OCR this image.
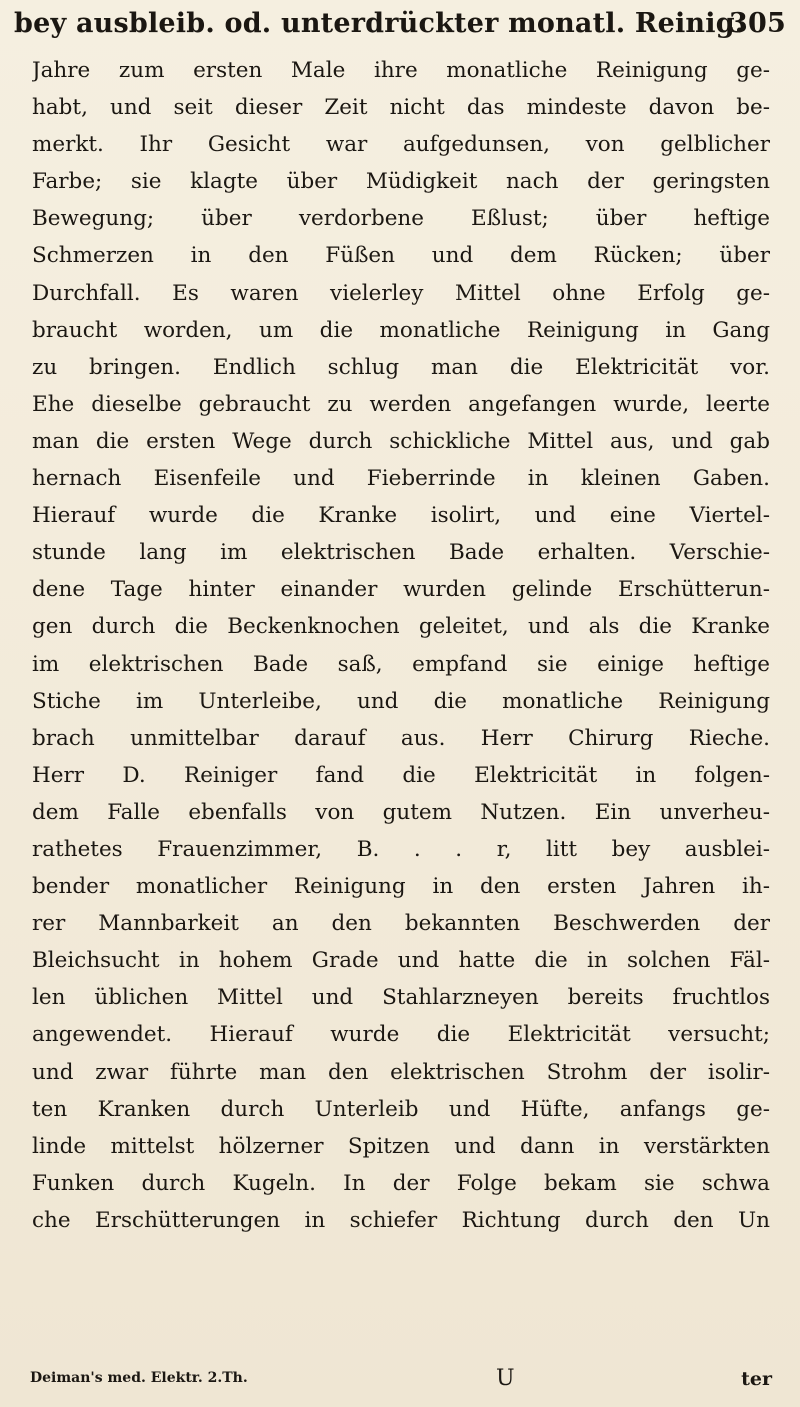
bey ausbleib. od. unterdrückter monatl. Reinig.
305
Jahre zum ersten Male ihre monatliche Reinigung ge-
habt, und seit dieser Zeit nicht das mindeste davon be-
merkt. Ihr Gesicht war aufgedunsen, von gelblicher
Farbe; sie klagte über Müdigkeit nach der geringsten
Bewegung; über verdorbene Eßlust; über heftige
Schmerzen in den Füßen und dem Rücken; über
Durchfall. Es waren vielerley Mittel ohne Erfolg ge-
braucht worden, um die monatliche Reinigung in Gang
zu bringen. Endlich schlug man die Elektricität vor.
Ehe dieselbe gebraucht zu werden angefangen wurde, leerte
man die ersten Wege durch schickliche Mittel aus, und gab
hernach Eisenfeile und Fieberrinde in kleinen Gaben.
Hierauf wurde die Kranke isolirt, und eine Viertel-
stunde lang im elektrischen Bade erhalten. Verschie-
dene Tage hinter einander wurden gelinde Erschütterun-
gen durch die Beckenknochen geleitet, und als die Kranke
im elektrischen Bade saß, empfand sie einige heftige
Stiche im Unterleibe, und die monatliche Reinigung
brach unmittelbar darauf aus. Herr Chirurg Rieche.
Herr D. Reiniger fand die Elektricität in folgen-
dem Falle ebenfalls von gutem Nutzen. Ein unverheu-
rathetes Frauenzimmer, B. . . r, litt bey ausblei-
bender monatlicher Reinigung in den ersten Jahren ih-
rer Mannbarkeit an den bekannten Beschwerden der
Bleichsucht in hohem Grade und hatte die in solchen Fäl-
len üblichen Mittel und Stahlarzneyen bereits fruchtlos
angewendet. Hierauf wurde die Elektricität versucht;
und zwar führte man den elektrischen Strohm der isolir-
ten Kranken durch Unterleib und Hüfte, anfangs ge-
linde mittelst hölzerner Spitzen und dann in verstärkten
Funken durch Kugeln. In der Folge bekam sie schwa
che Erschütterungen in schiefer Richtung durch den Un
Deiman's med. Elektr. 2.Th.	U	ter
